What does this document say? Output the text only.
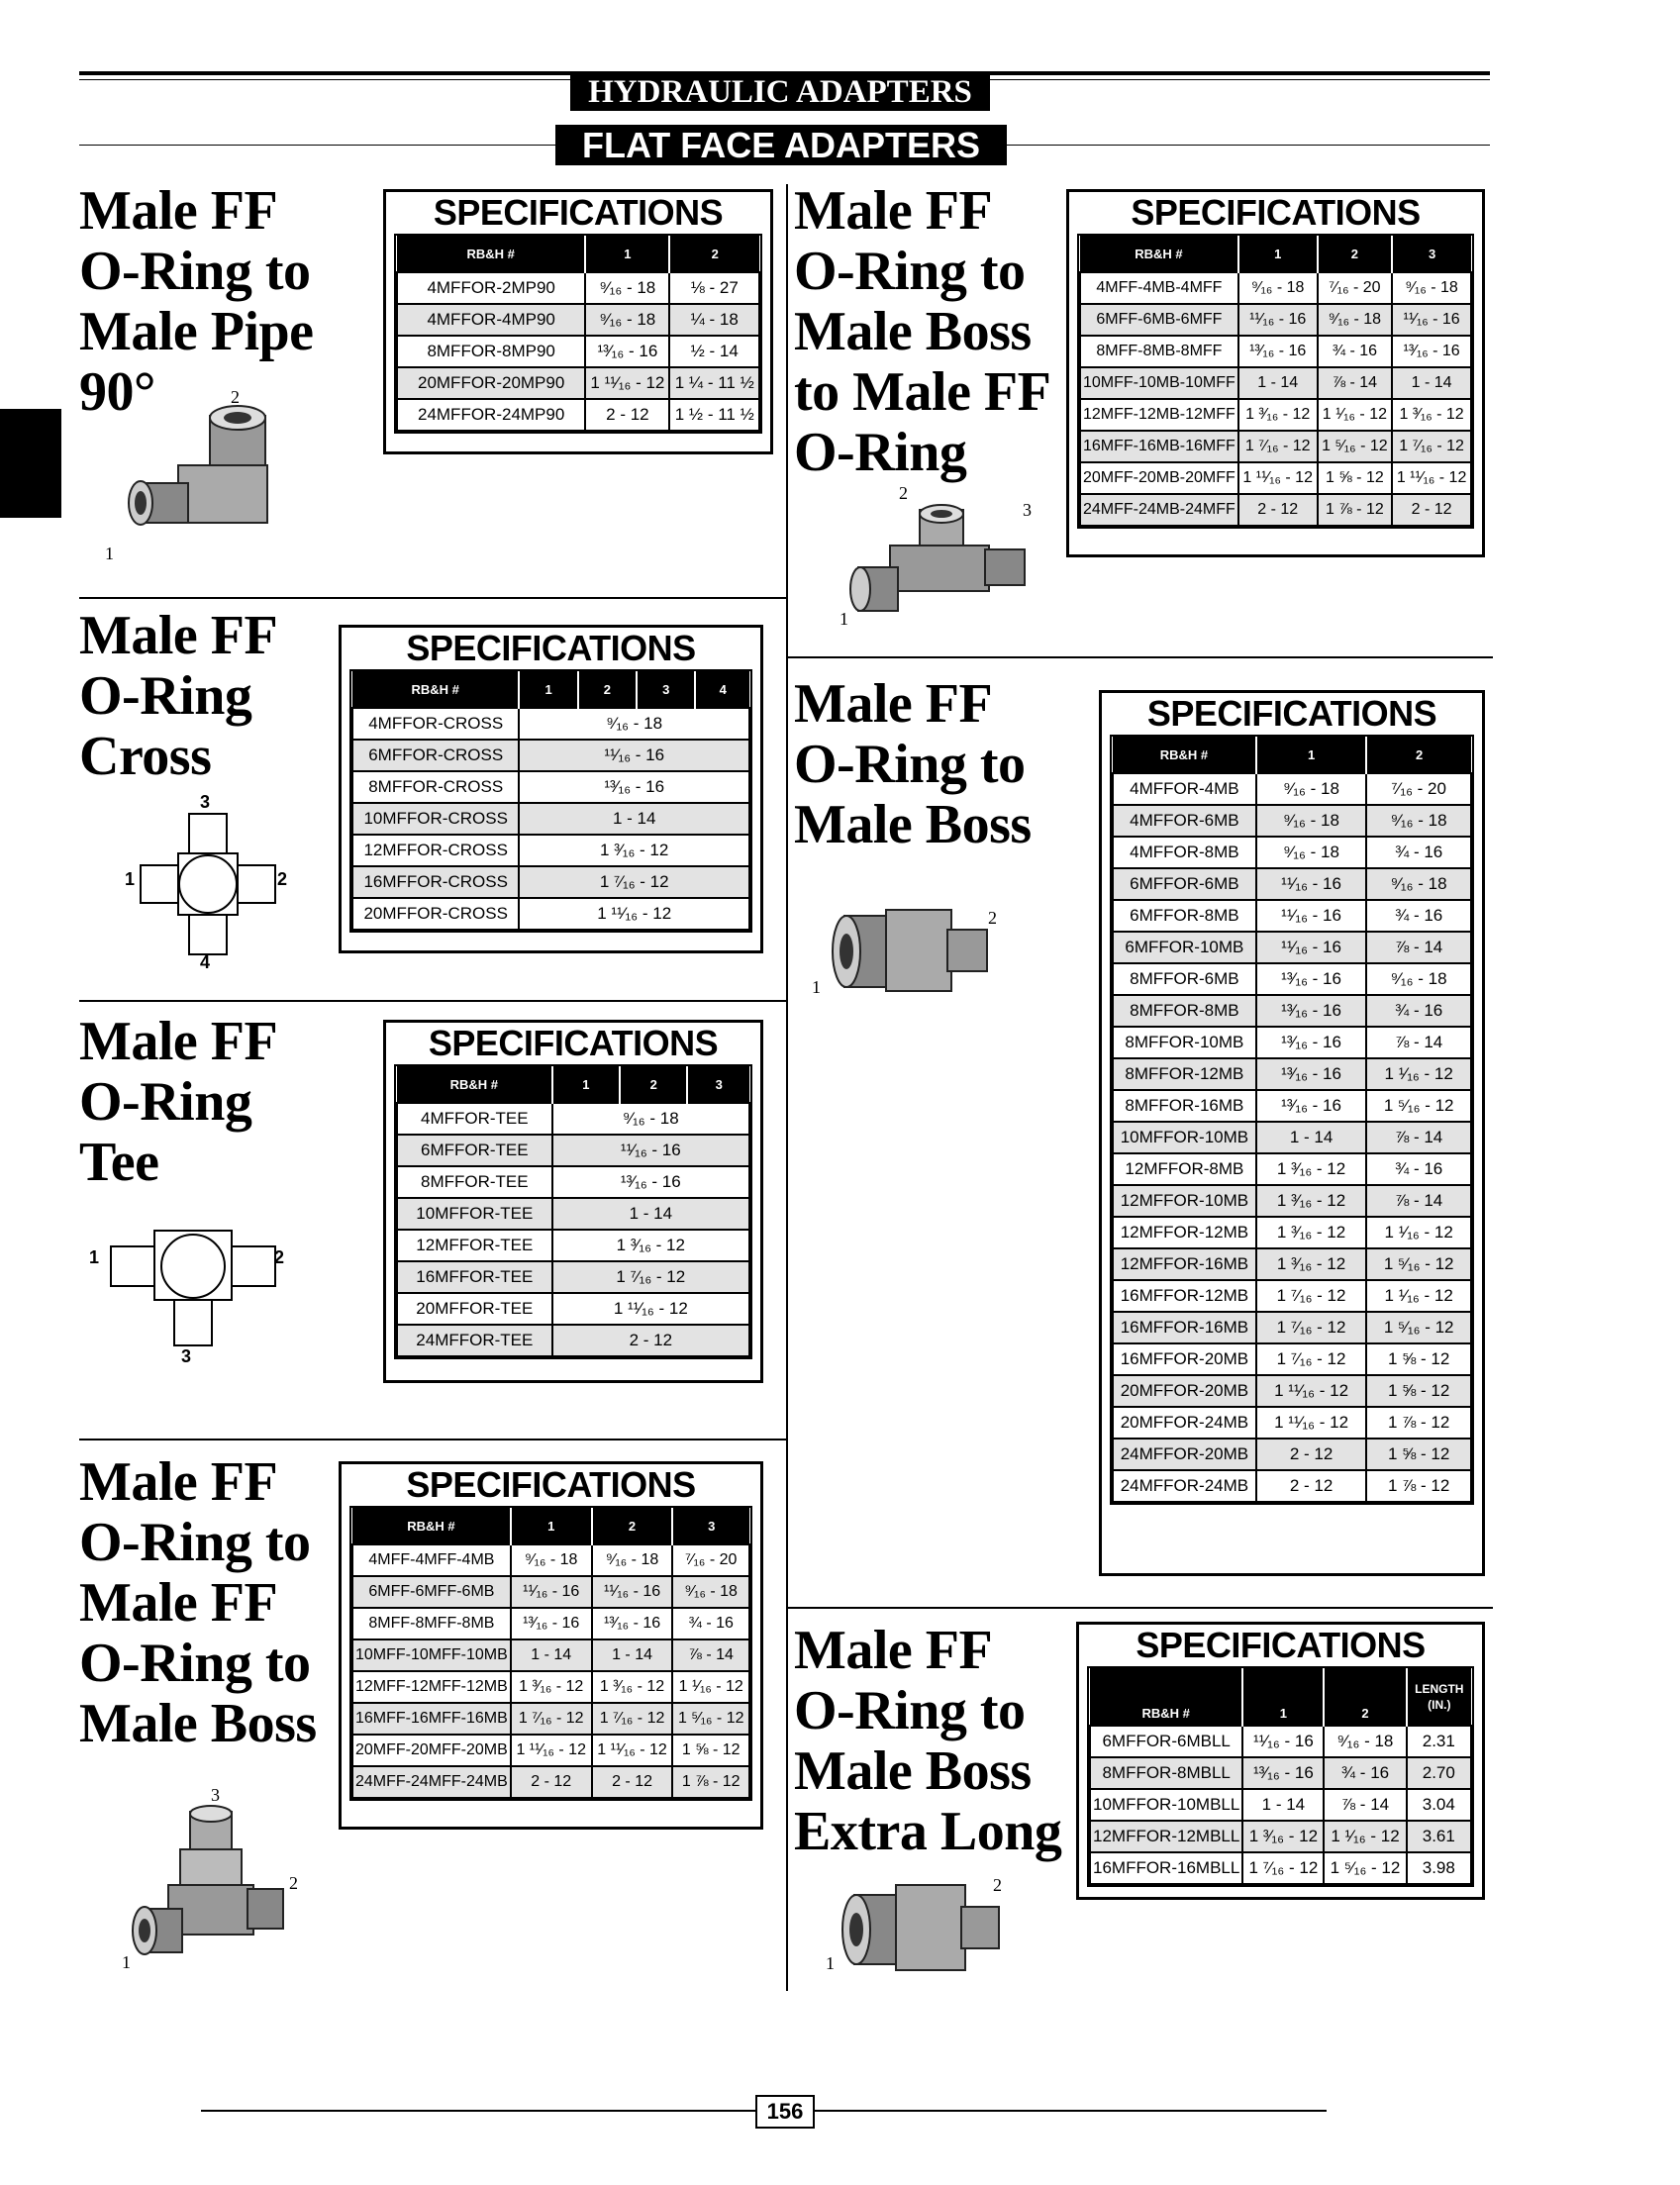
HYDRAULIC ADAPTERS
FLAT FACE ADAPTERS
Male FF
O-Ring to
Male Pipe
90°
SPECIFICATIONS
RB&H #	1	2
4MFFOR-2MP90	⁹⁄₁₆ - 18	⅛ - 27
4MFFOR-4MP90	⁹⁄₁₆ - 18	¼ - 18
8MFFOR-8MP90	¹³⁄₁₆ - 16	½ - 14
20MFFOR-20MP90	1 ¹¹⁄₁₆ - 12	1 ¼ - 11 ½
24MFFOR-24MP90	2 - 12	1 ½ - 11 ½
1
2
Male FF
O-Ring
Cross
SPECIFICATIONS
RB&H #	1	2	3	4
4MFFOR-CROSS	⁹⁄₁₆ - 18			
6MFFOR-CROSS	¹¹⁄₁₆ - 16			
8MFFOR-CROSS	¹³⁄₁₆ - 16			
10MFFOR-CROSS	1 - 14			
12MFFOR-CROSS	1 ³⁄₁₆ - 12			
16MFFOR-CROSS	1 ⁷⁄₁₆ - 12			
20MFFOR-CROSS	1 ¹¹⁄₁₆ - 12			
1	2
3
4
Male FF
O-Ring
Tee
SPECIFICATIONS
RB&H #	1	2	3
4MFFOR-TEE	⁹⁄₁₆ - 18		
6MFFOR-TEE	¹¹⁄₁₆ - 16		
8MFFOR-TEE	¹³⁄₁₆ - 16		
10MFFOR-TEE	1 - 14		
12MFFOR-TEE	1 ³⁄₁₆ - 12		
16MFFOR-TEE	1 ⁷⁄₁₆ - 12		
20MFFOR-TEE	1 ¹¹⁄₁₆ - 12		
24MFFOR-TEE	2 - 12		
1	2
3
Male FF
O-Ring to
Male FF
O-Ring to
Male Boss
SPECIFICATIONS
RB&H #	1	2	3
4MFF-4MFF-4MB	⁹⁄₁₆ - 18	⁹⁄₁₆ - 18	⁷⁄₁₆ - 20
6MFF-6MFF-6MB	¹¹⁄₁₆ - 16	¹¹⁄₁₆ - 16	⁹⁄₁₆ - 18
8MFF-8MFF-8MB	¹³⁄₁₆ - 16	¹³⁄₁₆ - 16	¾ - 16
10MFF-10MFF-10MB	1 - 14	1 - 14	⅞ - 14
12MFF-12MFF-12MB	1 ³⁄₁₆ - 12	1 ³⁄₁₆ - 12	1 ¹⁄₁₆ - 12
16MFF-16MFF-16MB	1 ⁷⁄₁₆ - 12	1 ⁷⁄₁₆ - 12	1 ⁵⁄₁₆ - 12
20MFF-20MFF-20MB	1 ¹¹⁄₁₆ - 12	1 ¹¹⁄₁₆ - 12	1 ⅝ - 12
24MFF-24MFF-24MB	2 - 12	2 - 12	1 ⅞ - 12
1
2
3
Male FF
O-Ring to
Male Boss
to Male FF
O-Ring
SPECIFICATIONS
RB&H #	1	2	3
4MFF-4MB-4MFF	⁹⁄₁₆ - 18	⁷⁄₁₆ - 20	⁹⁄₁₆ - 18
6MFF-6MB-6MFF	¹¹⁄₁₆ - 16	⁹⁄₁₆ - 18	¹¹⁄₁₆ - 16
8MFF-8MB-8MFF	¹³⁄₁₆ - 16	¾ - 16	¹³⁄₁₆ - 16
10MFF-10MB-10MFF	1 - 14	⅞ - 14	1 - 14
12MFF-12MB-12MFF	1 ³⁄₁₆ - 12	1 ¹⁄₁₆ - 12	1 ³⁄₁₆ - 12
16MFF-16MB-16MFF	1 ⁷⁄₁₆ - 12	1 ⁵⁄₁₆ - 12	1 ⁷⁄₁₆ - 12
20MFF-20MB-20MFF	1 ¹¹⁄₁₆ - 12	1 ⅝ - 12	1 ¹¹⁄₁₆ - 12
24MFF-24MB-24MFF	2 - 12	1 ⅞ - 12	2 - 12
1
2
3
Male FF
O-Ring to
Male Boss
SPECIFICATIONS
RB&H #	1	2
4MFFOR-4MB	⁹⁄₁₆ - 18	⁷⁄₁₆ - 20
4MFFOR-6MB	⁹⁄₁₆ - 18	⁹⁄₁₆ - 18
4MFFOR-8MB	⁹⁄₁₆ - 18	¾ - 16
6MFFOR-6MB	¹¹⁄₁₆ - 16	⁹⁄₁₆ - 18
6MFFOR-8MB	¹¹⁄₁₆ - 16	¾ - 16
6MFFOR-10MB	¹¹⁄₁₆ - 16	⅞ - 14
8MFFOR-6MB	¹³⁄₁₆ - 16	⁹⁄₁₆ - 18
8MFFOR-8MB	¹³⁄₁₆ - 16	¾ - 16
8MFFOR-10MB	¹³⁄₁₆ - 16	⅞ - 14
8MFFOR-12MB	¹³⁄₁₆ - 16	1 ¹⁄₁₆ - 12
8MFFOR-16MB	¹³⁄₁₆ - 16	1 ⁵⁄₁₆ - 12
10MFFOR-10MB	1 - 14	⅞ - 14
12MFFOR-8MB	1 ³⁄₁₆ - 12	¾ - 16
12MFFOR-10MB	1 ³⁄₁₆ - 12	⅞ - 14
12MFFOR-12MB	1 ³⁄₁₆ - 12	1 ¹⁄₁₆ - 12
12MFFOR-16MB	1 ³⁄₁₆ - 12	1 ⁵⁄₁₆ - 12
16MFFOR-12MB	1 ⁷⁄₁₆ - 12	1 ¹⁄₁₆ - 12
16MFFOR-16MB	1 ⁷⁄₁₆ - 12	1 ⁵⁄₁₆ - 12
16MFFOR-20MB	1 ⁷⁄₁₆ - 12	1 ⅝ - 12
20MFFOR-20MB	1 ¹¹⁄₁₆ - 12	1 ⅝ - 12
20MFFOR-24MB	1 ¹¹⁄₁₆ - 12	1 ⅞ - 12
24MFFOR-20MB	2 - 12	1 ⅝ - 12
24MFFOR-24MB	2 - 12	1 ⅞ - 12
1
2
Male FF
O-Ring to
Male Boss
Extra Long
SPECIFICATIONS
RB&H #	1	2	LENGTH (IN.)
6MFFOR-6MBLL	¹¹⁄₁₆ - 16	⁹⁄₁₆ - 18	2.31
8MFFOR-8MBLL	¹³⁄₁₆ - 16	¾ - 16	2.70
10MFFOR-10MBLL	1 - 14	⅞ - 14	3.04
12MFFOR-12MBLL	1 ³⁄₁₆ - 12	1 ¹⁄₁₆ - 12	3.61
16MFFOR-16MBLL	1 ⁷⁄₁₆ - 12	1 ⁵⁄₁₆ - 12	3.98
1
2
156
